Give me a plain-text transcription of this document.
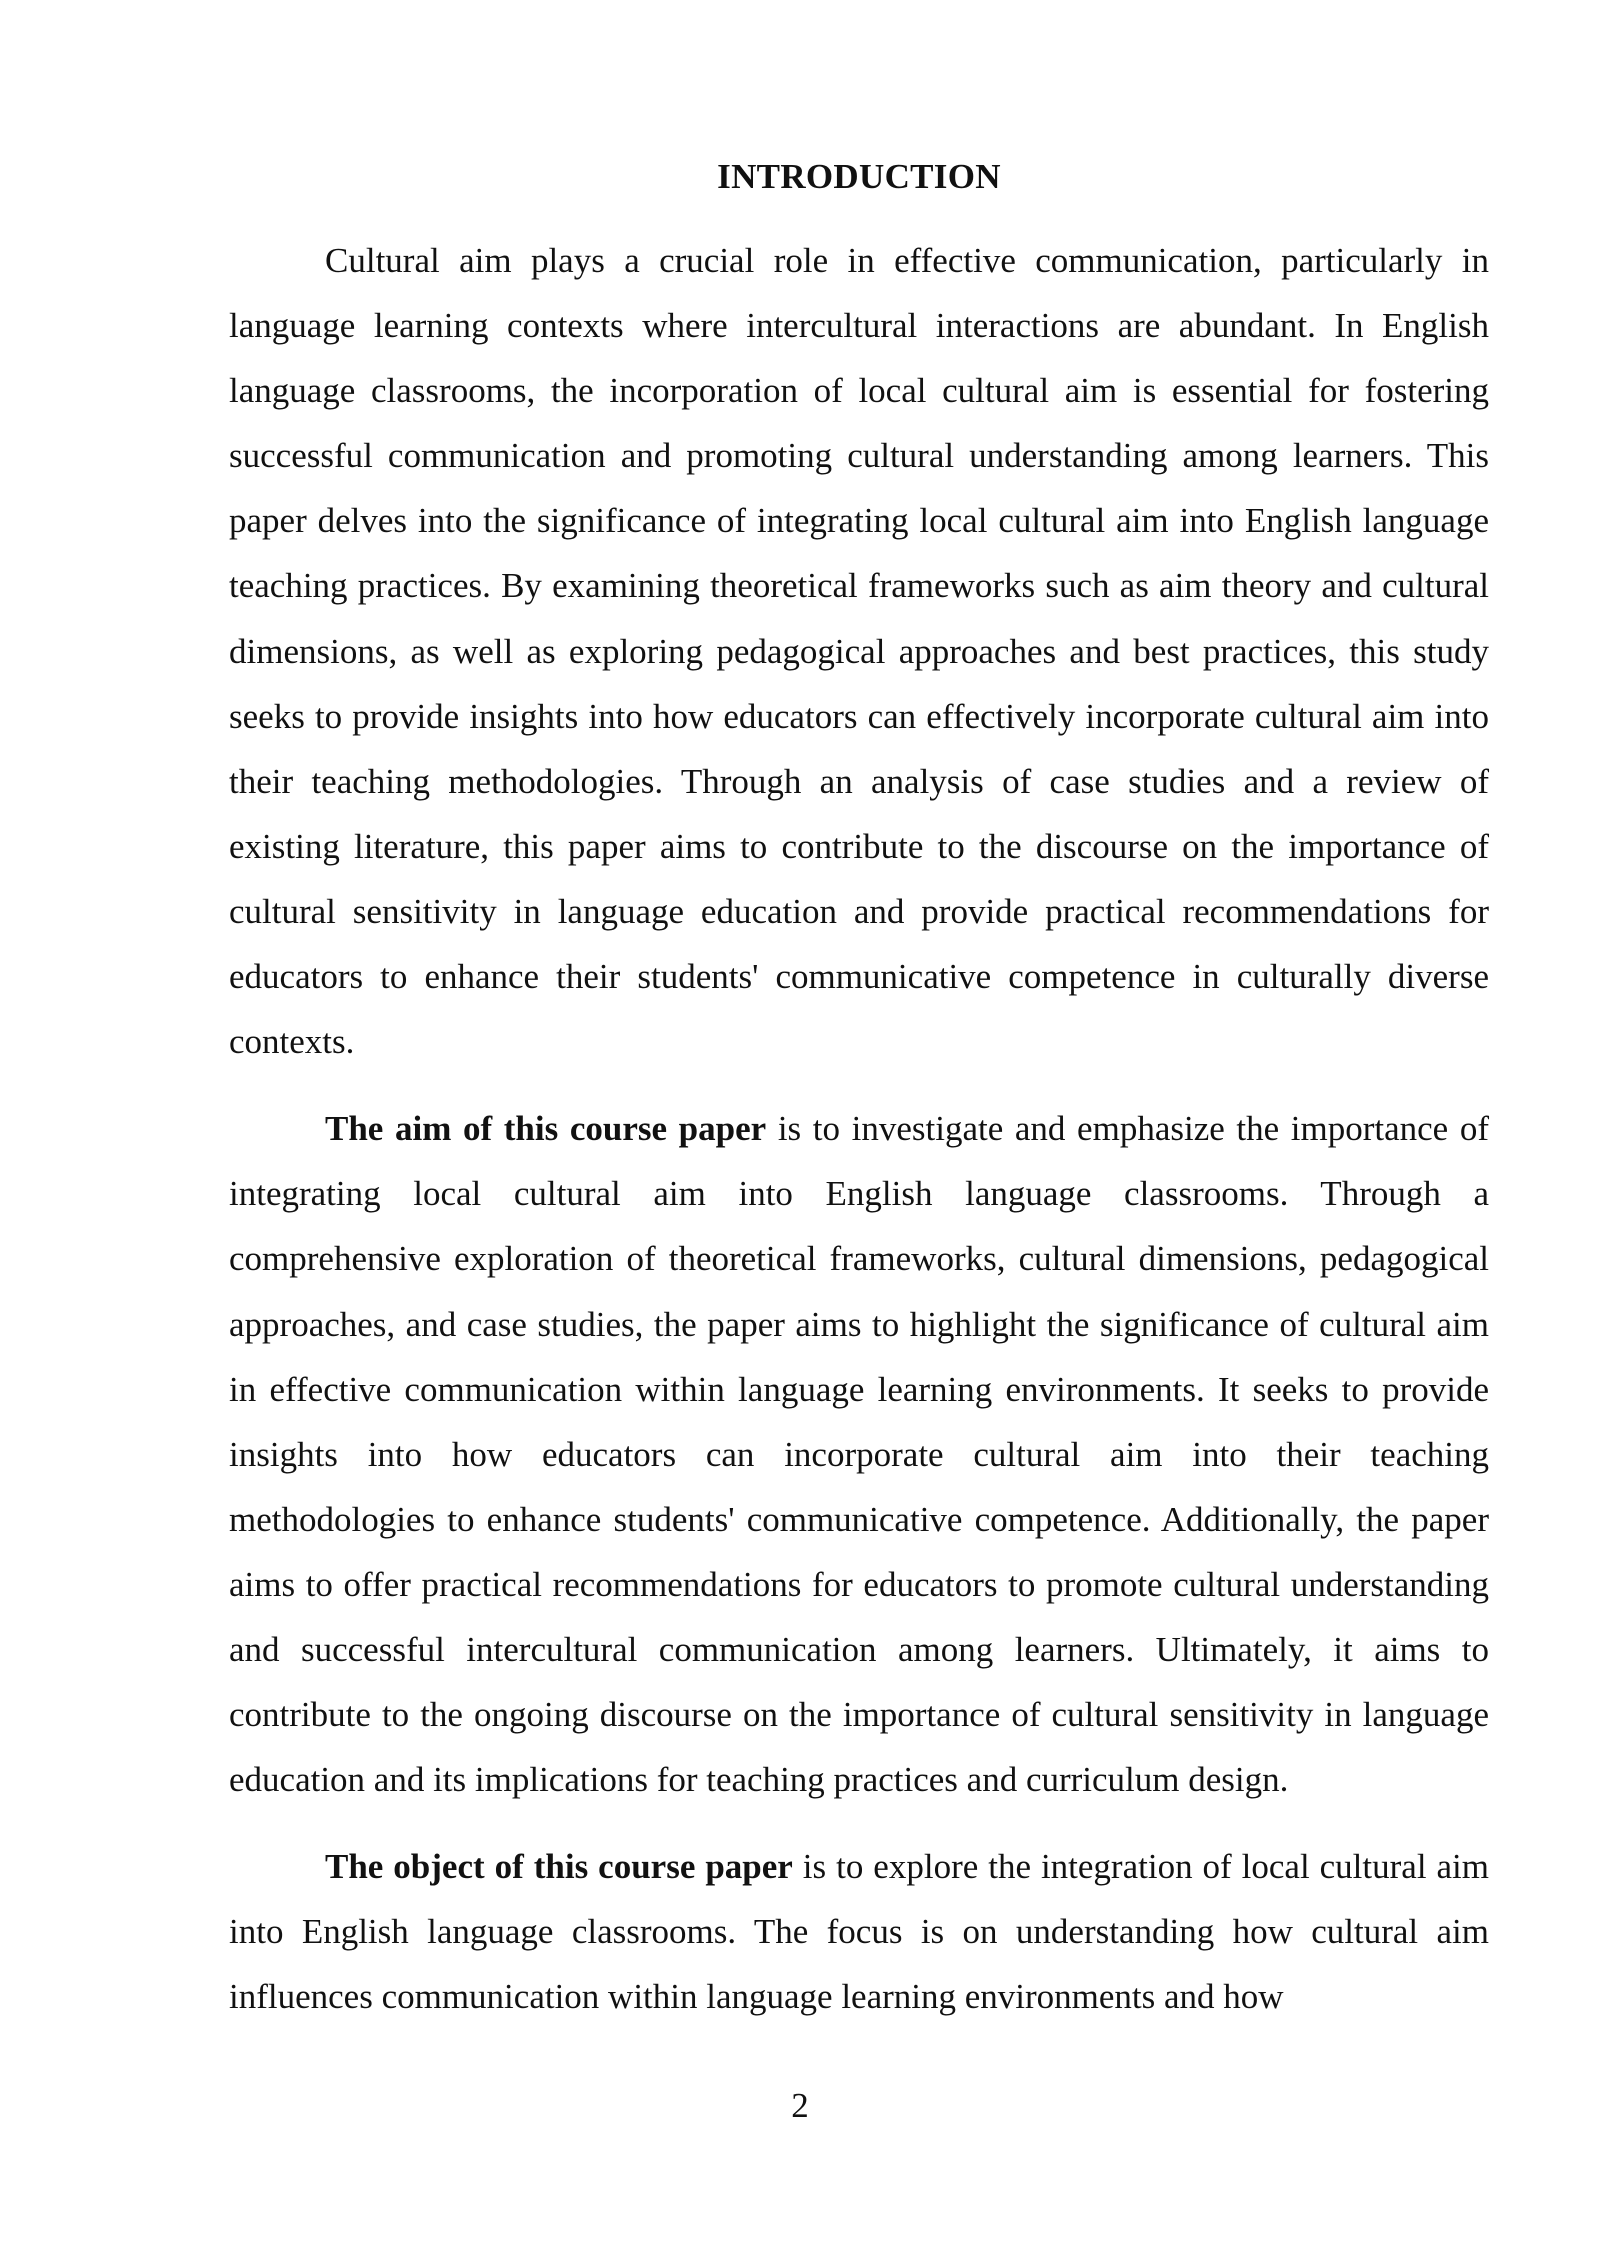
INTRODUCTION

Cultural aim plays a crucial role in effective communication, particularly in language learning contexts where intercultural interactions are abundant. In English language classrooms, the incorporation of local cultural aim is essential for fostering successful communication and promoting cultural understanding among learners. This paper delves into the significance of integrating local cultural aim into English language teaching practices. By examining theoretical frameworks such as aim theory and cultural dimensions, as well as exploring pedagogical approaches and best practices, this study seeks to provide insights into how educators can effectively incorporate cultural aim into their teaching methodologies. Through an analysis of case studies and a review of existing literature, this paper aims to contribute to the discourse on the importance of cultural sensitivity in language education and provide practical recommendations for educators to enhance their students' communicative competence in culturally diverse contexts.

The aim of this course paper is to investigate and emphasize the importance of integrating local cultural aim into English language classrooms. Through a comprehensive exploration of theoretical frameworks, cultural dimensions, pedagogical approaches, and case studies, the paper aims to highlight the significance of cultural aim in effective communication within language learning environments. It seeks to provide insights into how educators can incorporate cultural aim into their teaching methodologies to enhance students' communicative competence. Additionally, the paper aims to offer practical recommendations for educators to promote cultural understanding and successful intercultural communication among learners. Ultimately, it aims to contribute to the ongoing discourse on the importance of cultural sensitivity in language education and its implications for teaching practices and curriculum design.

The object of this course paper is to explore the integration of local cultural aim into English language classrooms. The focus is on understanding how cultural aim influences communication within language learning environments and how

2
